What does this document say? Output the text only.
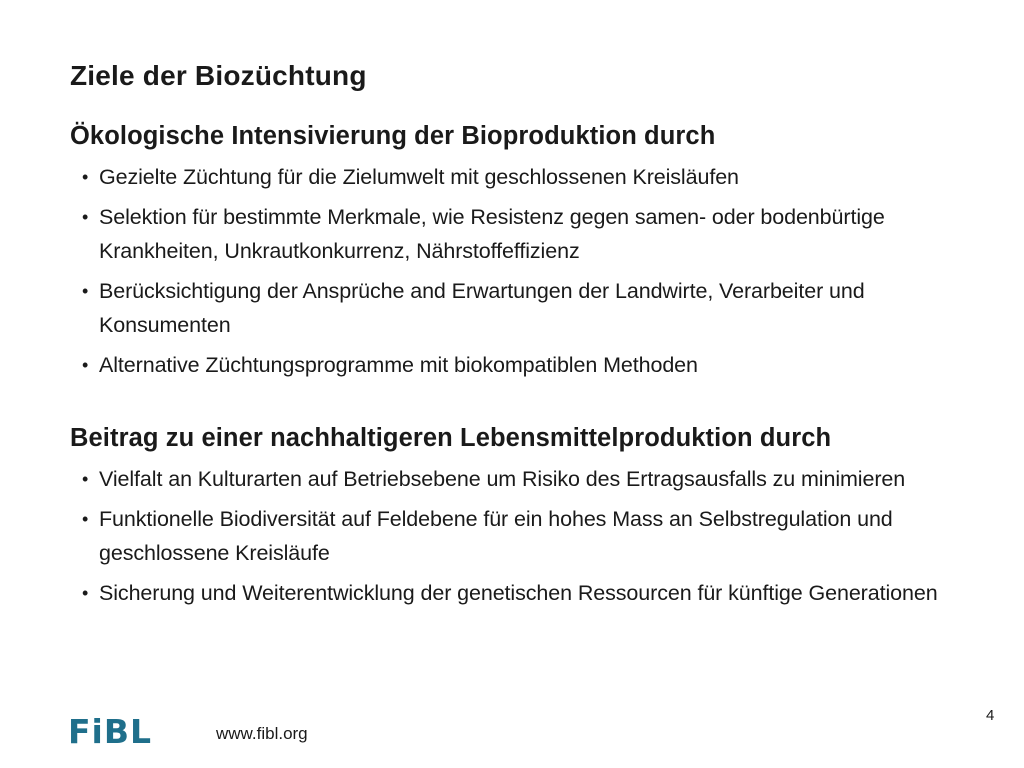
Ziele der Biozüchtung
Ökologische Intensivierung der Bioproduktion durch
• Gezielte Züchtung für die Zielumwelt mit geschlossenen Kreisläufen
• Selektion für bestimmte Merkmale, wie Resistenz gegen samen- oder bodenbürtige Krankheiten, Unkrautkonkurrenz, Nährstoffeffizienz
• Berücksichtigung der Ansprüche and Erwartungen der Landwirte, Verarbeiter und Konsumenten
• Alternative Züchtungsprogramme mit biokompatiblen Methoden
Beitrag zu einer nachhaltigeren Lebensmittelproduktion durch
• Vielfalt an Kulturarten auf Betriebsebene um Risiko des Ertragsausfalls zu minimieren
• Funktionelle Biodiversität auf Feldebene für ein hohes Mass an Selbstregulation und geschlossene Kreisläufe
• Sicherung und Weiterentwicklung der genetischen Ressourcen für künftige Generationen
FiBL	www.fibl.org
4
